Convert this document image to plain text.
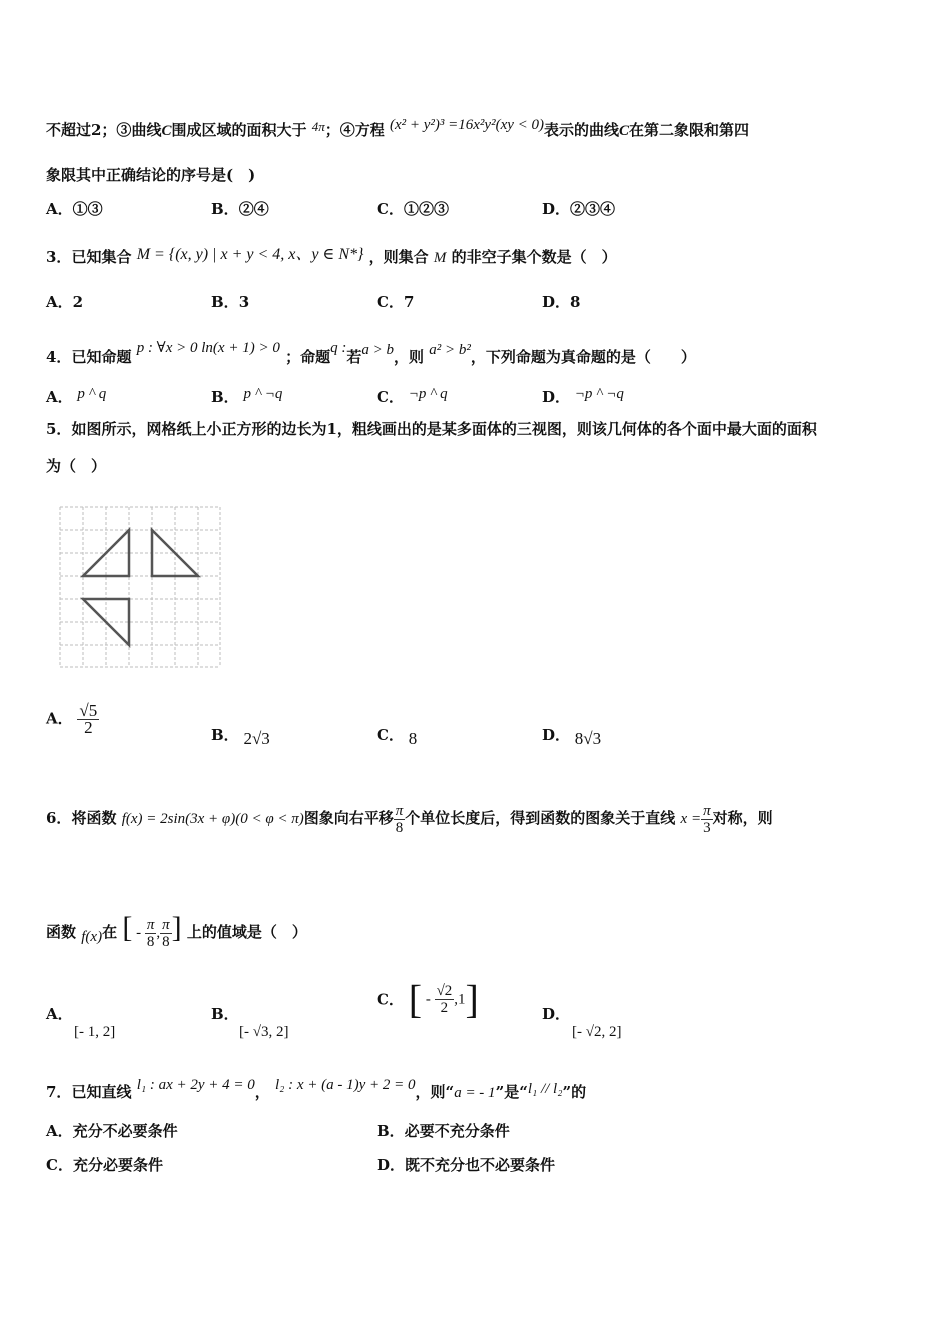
不超过2；③曲线C围成区域的面积大于 4π；④方程 (x² + y²)³ =16x²y²(xy < 0)表示的曲线C在第二象限和第四
象限其中正确结论的序号是(　)
A．①③	B．②④	C．①②③	D．②③④
3．已知集合 M = {(x, y) | x + y < 4, x、y ∈ N*} ，则集合 M 的非空子集个数是（　）
A．2	B．3	C．7	D．8
4．已知命题 p : ∀x > 0 ln(x + 1) > 0 ；命题q :若a > b，则 a² > b²，下列命题为真命题的是（　　）
A． p ^ q	B． p ^ ¬q	C． ¬p ^ q	D． ¬p ^ ¬q
5．如图所示，网格纸上小正方形的边长为1，粗线画出的是某多面体的三视图，则该几何体的各个面中最大面的面积
为（　）
A． $\frac{√5}{2}$	B． 2√3	C． 8	D． 8√3
6．将函数 f(x) = 2sin(3x + φ)(0 < φ < π)图象向右平移 $\frac{\pi}{8}$ 个单位长度后，得到函数的图象关于直线 $x = \frac{\pi}{3}$ 对称，则
函数 f(x)在 [ - $\frac{\pi}{8}$ , $\frac{\pi}{8}$ ] 上的值域是（　）
A．
[- 1, 2]
B．
[- √3, 2]
C． [ - $\frac{√2}{2} ,1$]	D．
[- √2, 2]
7．已知直线 l₁ : ax + 2y + 4 = 0， l₂ : x + (a - 1)y + 2 = 0，则“a = - 1”是“l₁ // l₂”的
A．充分不必要条件	B．必要不充分条件
C．充分必要条件	D．既不充分也不必要条件
